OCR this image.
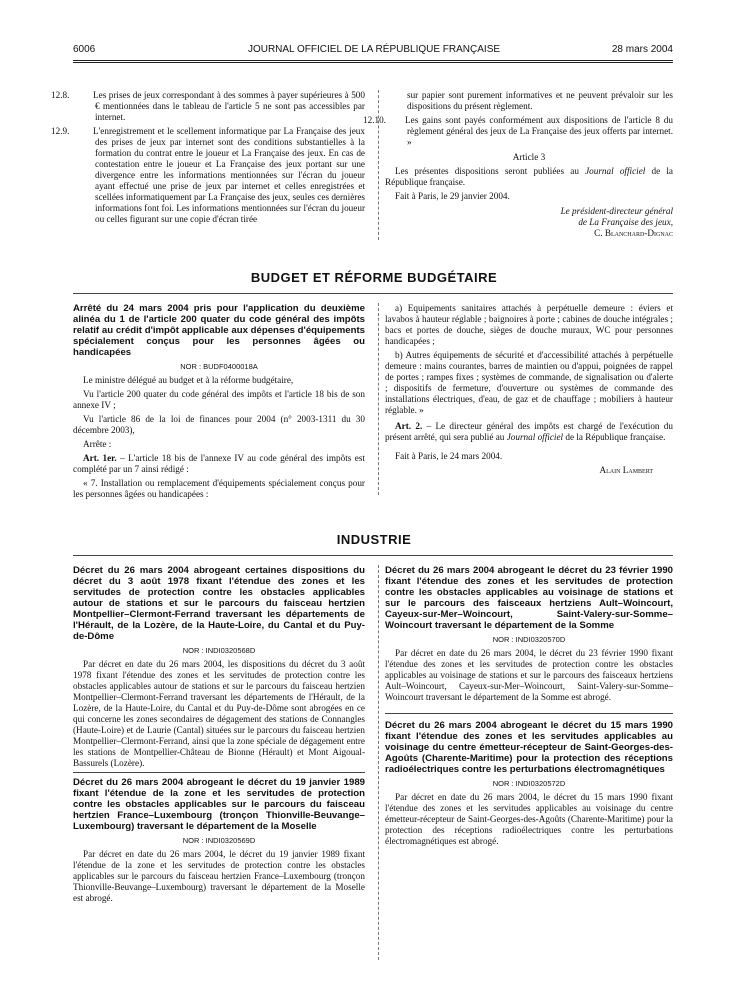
6006	JOURNAL OFFICIEL DE LA RÉPUBLIQUE FRANÇAISE	28 mars 2004

12.8.	Les prises de jeux correspondant à des sommes à payer supérieures à 500 € mentionnées dans le tableau de l'article 5 ne sont pas accessibles par internet.

12.9.	L'enregistrement et le scellement informatique par La Française des jeux des prises de jeux par internet sont des conditions substantielles à la formation du contrat entre le joueur et La Française des jeux. En cas de contestation entre le joueur et La Française des jeux portant sur une divergence entre les informations mentionnées sur l'écran du joueur ayant effectué une prise de jeux par internet et celles enregistrées et scellées informatiquement par La Française des jeux, seules ces dernières informations font foi. Les informations mentionnées sur l'écran du joueur ou celles figurant sur une copie d'écran tirée

sur papier sont purement informatives et ne peuvent prévaloir sur les dispositions du présent règlement.

12.10. Les gains sont payés conformément aux dispositions de l'article 8 du règlement général des jeux de La Française des jeux offerts par internet. »

Article 3

Les présentes dispositions seront publiées au Journal officiel de la République française.

Fait à Paris, le 29 janvier 2004.

Le président-directeur général

de La Française des jeux,

C. Blanchard-Dignac

BUDGET ET RÉFORME BUDGÉTAIRE

Arrêté du 24 mars 2004 pris pour l'application du deuxième alinéa du 1 de l'article 200 quater du code général des impôts relatif au crédit d'impôt applicable aux dépenses d'équipements spécialement conçus pour les personnes âgées ou handicapées

NOR : BUDF0400018A

Le ministre délégué au budget et à la réforme budgétaire,

Vu l'article 200 quater du code général des impôts et l'article 18 bis de son annexe IV ;

Vu l'article 86 de la loi de finances pour 2004 (n° 2003-1311 du 30 décembre 2003),

Arrête :

Art. 1er. – L'article 18 bis de l'annexe IV au code général des impôts est complété par un 7 ainsi rédigé :

« 7. Installation ou remplacement d'équipements spécialement conçus pour les personnes âgées ou handicapées :

a) Equipements sanitaires attachés à perpétuelle demeure : éviers et lavabos à hauteur réglable ; baignoires à porte ; cabines de douche intégrales ; bacs et portes de douche, sièges de douche muraux, WC pour personnes handicapées ;

b) Autres équipements de sécurité et d'accessibilité attachés à perpétuelle demeure : mains courantes, barres de maintien ou d'appui, poignées de rappel de portes ; rampes fixes ; systèmes de commande, de signalisation ou d'alerte ; dispositifs de fermeture, d'ouverture ou systèmes de commande des installations électriques, d'eau, de gaz et de chauffage ; mobiliers à hauteur réglable. »

Art. 2. – Le directeur général des impôts est chargé de l'exécution du présent arrêté, qui sera publié au Journal officiel de la République française.

Fait à Paris, le 24 mars 2004.

Alain Lambert

INDUSTRIE

Décret du 26 mars 2004 abrogeant certaines dispositions du décret du 3 août 1978 fixant l'étendue des zones et les servitudes de protection contre les obstacles applicables autour de stations et sur le parcours du faisceau hertzien Montpellier–Clermont-Ferrand traversant les départements de l'Hérault, de la Lozère, de la Haute-Loire, du Cantal et du Puy-de-Dôme

NOR : INDI0320568D

Par décret en date du 26 mars 2004, les dispositions du décret du 3 août 1978 fixant l'étendue des zones et les servitudes de protection contre les obstacles applicables autour de stations et sur le parcours du faisceau hertzien Montpellier–Clermont-Ferrand traversant les départements de l'Hérault, de la Lozère, de la Haute-Loire, du Cantal et du Puy-de-Dôme sont abrogées en ce qui concerne les zones secondaires de dégagement des stations de Connangles (Haute-Loire) et de Laurie (Cantal) situées sur le parcours du faisceau hertzien Montpellier–Clermont-Ferrand, ainsi que la zone spéciale de dégagement entre les stations de Montpellier-Château de Bionne (Hérault) et Mont Aigoual-Bassurels (Lozère).

Décret du 26 mars 2004 abrogeant le décret du 19 janvier 1989 fixant l'étendue de la zone et les servitudes de protection contre les obstacles applicables sur le parcours du faisceau hertzien France–Luxembourg (tronçon Thionville-Beuvange–Luxembourg) traversant le département de la Moselle

NOR : INDI0320569D

Par décret en date du 26 mars 2004, le décret du 19 janvier 1989 fixant l'étendue de la zone et les servitudes de protection contre les obstacles applicables sur le parcours du faisceau hertzien France–Luxembourg (tronçon Thionville-Beuvange–Luxembourg) traversant le département de la Moselle est abrogé.

Décret du 26 mars 2004 abrogeant le décret du 23 février 1990 fixant l'étendue des zones et les servitudes de protection contre les obstacles applicables au voisinage de stations et sur le parcours des faisceaux hertziens Ault–Woincourt, Cayeux-sur-Mer–Woincourt, Saint-Valery-sur-Somme–Woincourt traversant le département de la Somme

NOR : INDI0320570D

Par décret en date du 26 mars 2004, le décret du 23 février 1990 fixant l'étendue des zones et les servitudes de protection contre les obstacles applicables au voisinage de stations et sur le parcours des faisceaux hertziens Ault–Woincourt, Cayeux-sur-Mer–Woincourt, Saint-Valery-sur-Somme–Woincourt traversant le département de la Somme est abrogé.

Décret du 26 mars 2004 abrogeant le décret du 15 mars 1990 fixant l'étendue des zones et les servitudes applicables au voisinage du centre émetteur-récepteur de Saint-Georges-des-Agoûts (Charente-Maritime) pour la protection des réceptions radioélectriques contre les perturbations électromagnétiques

NOR : INDI0320572D

Par décret en date du 26 mars 2004, le décret du 15 mars 1990 fixant l'étendue des zones et les servitudes applicables au voisinage du centre émetteur-récepteur de Saint-Georges-des-Agoûts (Charente-Maritime) pour la protection des réceptions radioélectriques contre les perturbations électromagnétiques est abrogé.
